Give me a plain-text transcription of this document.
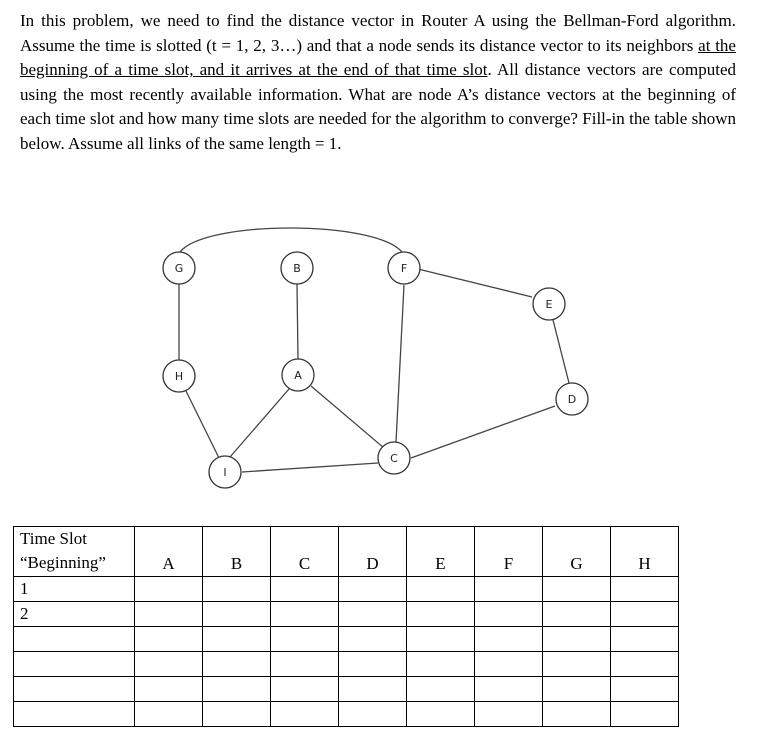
In this problem, we need to find the distance vector in Router A using the Bellman-Ford algorithm. Assume the time is slotted (t = 1, 2, 3…) and that a node sends its distance vector to its neighbors at the beginning of a time slot, and it arrives at the end of that time slot. All distance vectors are computed using the most recently available information. What are node A’s distance vectors at the beginning of each time slot and how many time slots are needed for the algorithm to converge? Fill-in the table shown below. Assume all links of the same length = 1.
G	B	F
E
H	A
D
C
I
Time Slot
“Beginning”	A	B	C	D	E	F	G	H
1								
2								
